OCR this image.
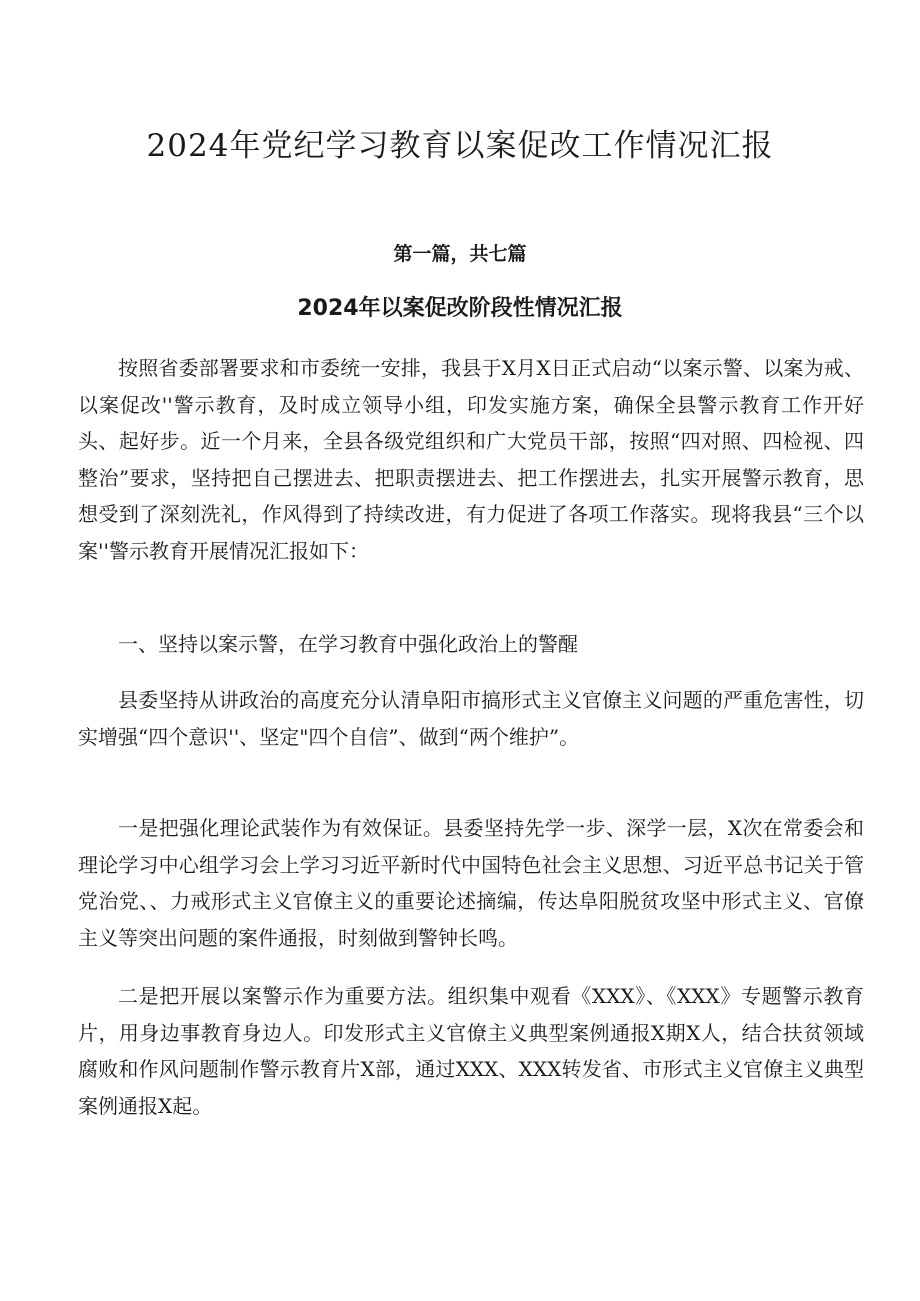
2024年党纪学习教育以案促改工作情况汇报
第一篇，共七篇
2024年以案促改阶段性情况汇报

按照省委部署要求和市委统一安排，我县于X月X日正式启动“以案示警、以案为戒、以案促改''警示教育，及时成立领导小组，印发实施方案，确保全县警示教育工作开好头、起好步。近一个月来，全县各级党组织和广大党员干部，按照“四对照、四检视、四整治”要求，坚持把自己摆进去、把职责摆进去、把工作摆进去，扎实开展警示教育，思想受到了深刻洗礼，作风得到了持续改进，有力促进了各项工作落实。现将我县“三个以案''警示教育开展情况汇报如下：

一、坚持以案示警，在学习教育中强化政治上的警醒

县委坚持从讲政治的高度充分认清阜阳市搞形式主义官僚主义问题的严重危害性，切实增强“四个意识''、坚定"四个自信”、做到“两个维护”。

一是把强化理论武装作为有效保证。县委坚持先学一步、深学一层，X次在常委会和理论学习中心组学习会上学习习近平新时代中国特色社会主义思想、习近平总书记关于管党治党、、力戒形式主义官僚主义的重要论述摘编，传达阜阳脱贫攻坚中形式主义、官僚主义等突出问题的案件通报，时刻做到警钟长鸣。

二是把开展以案警示作为重要方法。组织集中观看《XXX》、《XXX》专题警示教育片，用身边事教育身边人。印发形式主义官僚主义典型案例通报X期X人，结合扶贫领域腐败和作风问题制作警示教育片X部，通过XXX、XXX转发省、市形式主义官僚主义典型案例通报X起。
